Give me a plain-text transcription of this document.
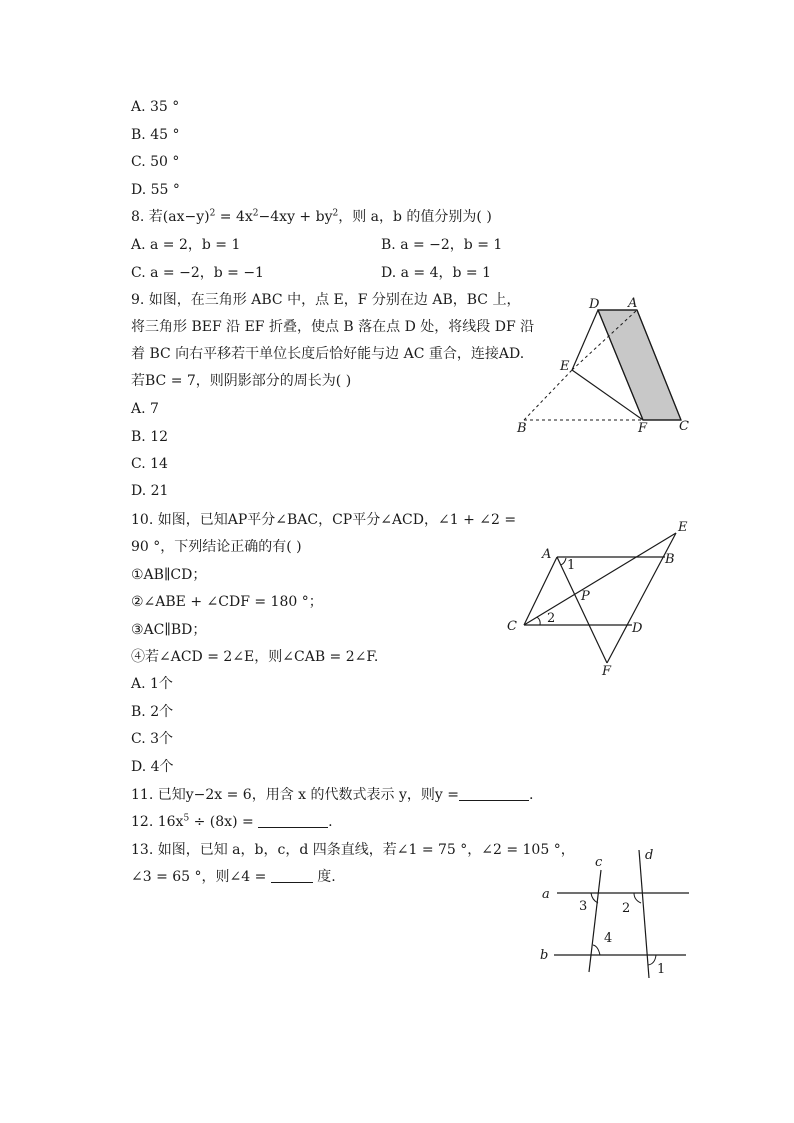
A. 35 °
B. 45 °
C. 50 °
D. 55 °
8. 若$(ax-y)^2 = 4x^2-4xy + by^2$，则 a，b 的值分别为( )
A. a = 2，b = 1	B. a = −2，b = 1
C. a = −2，b = −1	D. a = 4，b = 1
9. 如图，在三角形 ABC 中，点 E，F 分别在边 AB，BC 上，
将三角形 BEF 沿 EF 折叠，使点 B 落在点 D 处，将线段 DF 沿
着 BC 向右平移若干单位长度后恰好能与边 AC 重合，连接AD.
若BC = 7，则阴影部分的周长为( )
A. 7
B. 12
C. 14
D. 21
D A
E
B	F C
10. 如图，已知AP平分∠BAC，CP平分∠ACD，∠1 + ∠2 =
90 °，下列结论正确的有( )
①AB∥CD；
②∠ABE + ∠CDF = 180 °；
③AC∥BD；
④若∠ACD = 2∠E，则∠CAB = 2∠F.
A. 1个
B. 2个
C. 3个
D. 4个
E
A
1	B
P
C
2
D
F
11. 已知y−2x = 6，用含 x 的代数式表示 y，则y =	.
12. $16x^5 \div (8x)$ =	.
13. 如图，已知 a，b，c，d 四条直线，若∠1 = 75 °，∠2 = 105 °，
∠3 = 65 °，则∠4 =	度.
c	d
a
3	2
4
b
1
